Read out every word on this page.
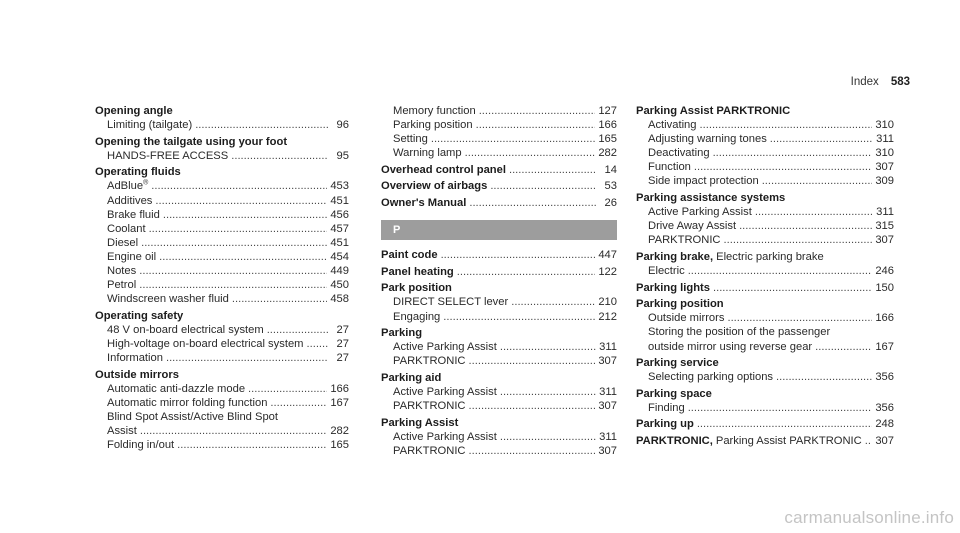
Index 583
Opening angle
Limiting (tailgate) .....	96
Opening the tailgate using your foot
HANDS-FREE ACCESS .....	95
Operating fluids
AdBlue® .....	453
Additives .....	451
Brake fluid .....	456
Coolant .....	457
Diesel .....	451
Engine oil .....	454
Notes .....	449
Petrol .....	450
Windscreen washer fluid .....	458
Operating safety
48 V on-board electrical system .....	27
High-voltage on-board electrical system .....	27
Information .....	27
Outside mirrors
Automatic anti-dazzle mode .....	166
Automatic mirror folding function .....	167
Blind Spot Assist/Active Blind Spot
Assist .....	282
Folding in/out .....	165
Memory function .....	127
Parking position .....	166
Setting .....	165
Warning lamp .....	282
Overhead control panel .....	14
Overview of airbags .....	53
Owner's Manual .....	26
P
Paint code .....	447
Panel heating .....	122
Park position
DIRECT SELECT lever .....	210
Engaging .....	212
Parking
Active Parking Assist .....	311
PARKTRONIC .....	307
Parking aid
Active Parking Assist .....	311
PARKTRONIC .....	307
Parking Assist
Active Parking Assist .....	311
PARKTRONIC .....	307
Parking Assist PARKTRONIC
Activating .....	310
Adjusting warning tones .....	311
Deactivating .....	310
Function .....	307
Side impact protection .....	309
Parking assistance systems
Active Parking Assist .....	311
Drive Away Assist .....	315
PARKTRONIC .....	307
Parking brake, Electric parking brake
Electric .....	246
Parking lights .....	150
Parking position
Outside mirrors .....	166
Storing the position of the passenger
outside mirror using reverse gear .....	167
Parking service
Selecting parking options .....	356
Parking space
Finding .....	356
Parking up .....	248
PARKTRONIC, Parking Assist PARKTRONIC ..... 307
carmanualsonline.info
